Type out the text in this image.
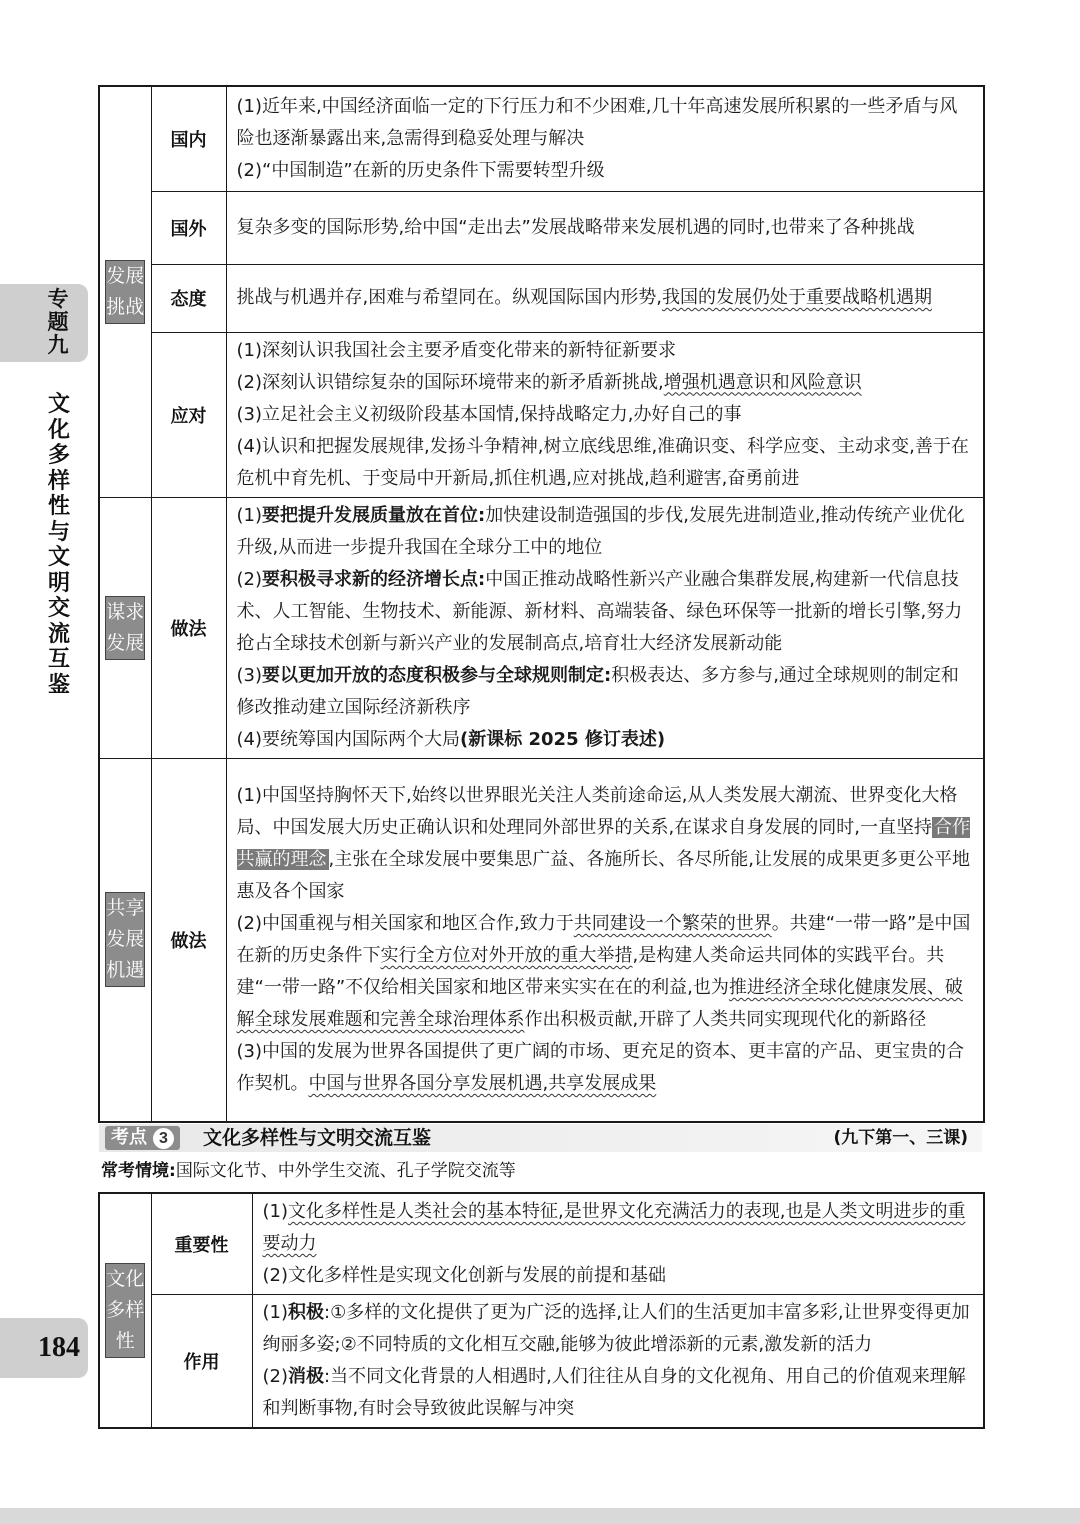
专题九
文化多样性与文明交流互鉴
184
发展挑战	国内	(1)近年来,中国经济面临一定的下行压力和不少困难,几十年高速发展所积累的一些矛盾与风险也逐渐暴露出来,急需得到稳妥处理与解决

(2)“中国制造”在新的历史条件下需要转型升级

	国外	复杂多变的国际形势,给中国“走出去”发展战略带来发展机遇的同时,也带来了各种挑战

	态度	挑战与机遇并存,困难与希望同在。纵观国际国内形势,我国的发展仍处于重要战略机遇期

	应对	(1)深刻认识我国社会主要矛盾变化带来的新特征新要求

(2)深刻认识错综复杂的国际环境带来的新矛盾新挑战,增强机遇意识和风险意识

(3)立足社会主义初级阶段基本国情,保持战略定力,办好自己的事

(4)认识和把握发展规律,发扬斗争精神,树立底线思维,准确识变、科学应变、主动求变,善于在危机中育先机、于变局中开新局,抓住机遇,应对挑战,趋利避害,奋勇前进

谋求发展	做法	(1)要把提升发展质量放在首位:加快建设制造强国的步伐,发展先进制造业,推动传统产业优化升级,从而进一步提升我国在全球分工中的地位

(2)要积极寻求新的经济增长点:中国正推动战略性新兴产业融合集群发展,构建新一代信息技术、人工智能、生物技术、新能源、新材料、高端装备、绿色环保等一批新的增长引擎,努力抢占全球技术创新与新兴产业的发展制高点,培育壮大经济发展新动能

(3)要以更加开放的态度积极参与全球规则制定:积极表达、多方参与,通过全球规则的制定和修改推动建立国际经济新秩序

(4)要统筹国内国际两个大局(新课标 2025 修订表述)

共享发展机遇	做法	(1)中国坚持胸怀天下,始终以世界眼光关注人类前途命运,从人类发展大潮流、世界变化大格局、中国发展大历史正确认识和处理同外部世界的关系,在谋求自身发展的同时,一直坚持 合作共赢的理念 ,主张在全球发展中要集思广益、各施所长、各尽所能,让发展的成果更多更公平地惠及各个国家

(2)中国重视与相关国家和地区合作,致力于共同建设一个繁荣的世界。共建“一带一路”是中国在新的历史条件下实行全方位对外开放的重大举措,是构建人类命运共同体的实践平台。共建“一带一路”不仅给相关国家和地区带来实实在在的利益,也为推进经济全球化健康发展、破解全球发展难题和完善全球治理体系作出积极贡献,开辟了人类共同实现现代化的新路径

(3)中国的发展为世界各国提供了更广阔的市场、更充足的资本、更丰富的产品、更宝贵的合作契机。中国与世界各国分享发展机遇,共享发展成果

考点 3	文化多样性与文明交流互鉴	(九下第一、三课)
常考情境:国际文化节、中外学生交流、孔子学院交流等
文化多样性	重要性	(1)文化多样性是人类社会的基本特征,是世界文化充满活力的表现,也是人类文明进步的重要动力

(2)文化多样性是实现文化创新与发展的前提和基础

	作用	(1)积极:①多样的文化提供了更为广泛的选择,让人们的生活更加丰富多彩,让世界变得更加绚丽多姿;②不同特质的文化相互交融,能够为彼此增添新的元素,激发新的活力

(2)消极:当不同文化背景的人相遇时,人们往往从自身的文化视角、用自己的价值观来理解和判断事物,有时会导致彼此误解与冲突
